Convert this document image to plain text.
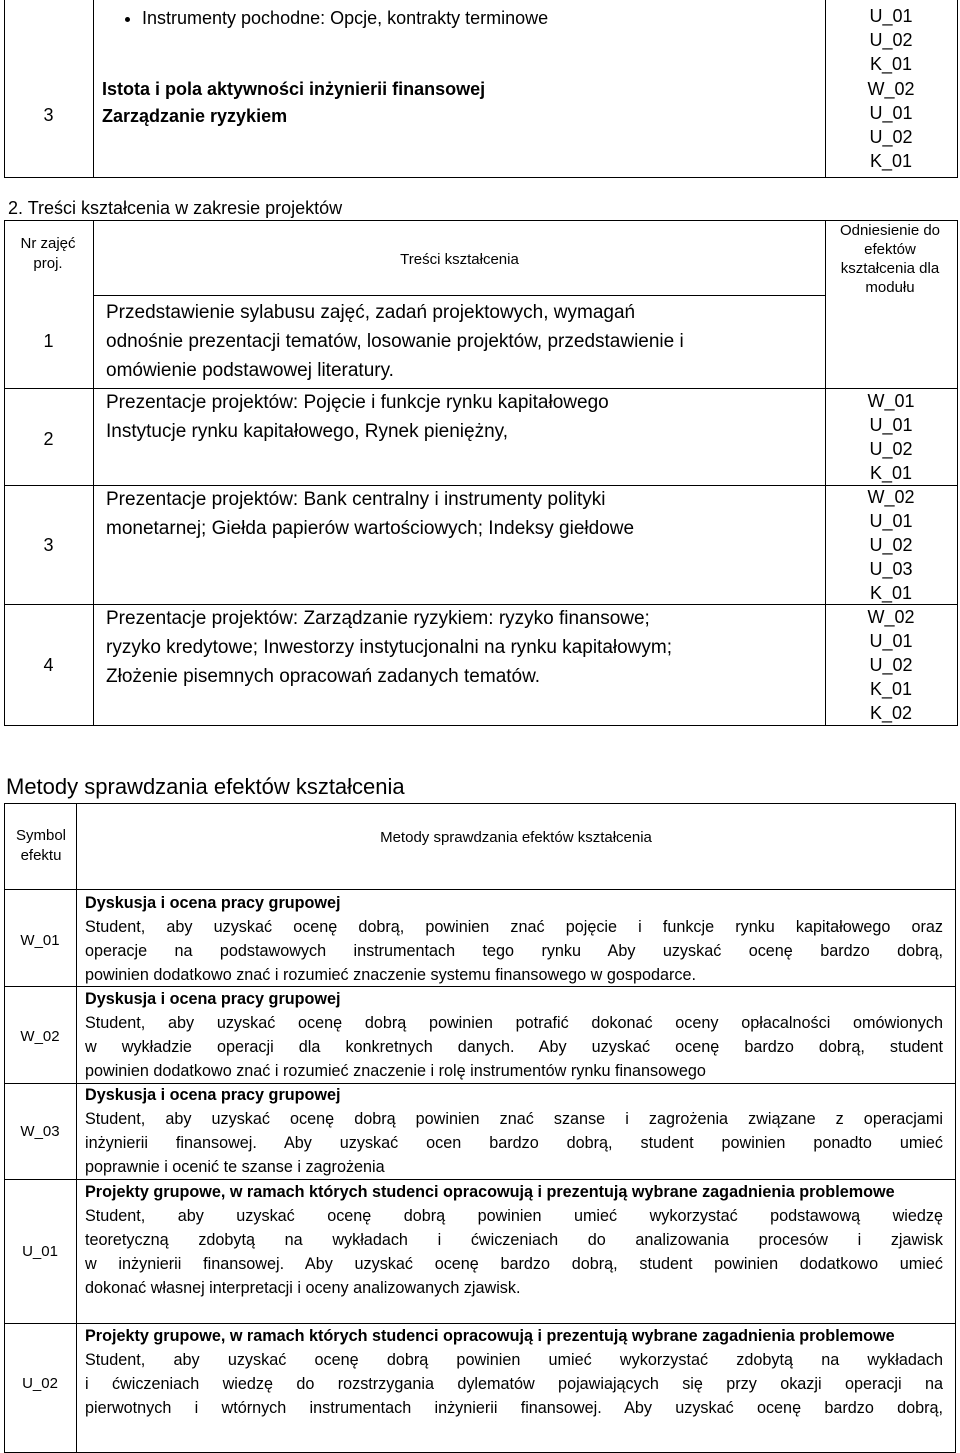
• Instrumenty pochodne: Opcje, kontrakty terminowe	U_01
U_02
K_01
3
Istota i pola aktywności inżynierii finansowej
Zarządzanie ryzykiem
W_02
U_01
U_02
K_01
2. Treści kształcenia w zakresie projektów
Nr zajęć proj.	Treści kształcenia
Odniesienie do efektów kształcenia dla modułu
1
Przedstawienie sylabusu zajęć, zadań projektowych, wymagań
odnośnie prezentacji tematów, losowanie projektów, przedstawienie i
omówienie podstawowej literatury.
2
Prezentacje projektów: Pojęcie i funkcje rynku kapitałowego
Instytucje rynku kapitałowego, Rynek pieniężny,
W_01
U_01
U_02
K_01
3
Prezentacje projektów: Bank centralny i instrumenty polityki
monetarnej; Giełda papierów wartościowych; Indeksy giełdowe
W_02
U_01
U_02
U_03
K_01
4
Prezentacje projektów: Zarządzanie ryzykiem: ryzyko finansowe;
ryzyko kredytowe; Inwestorzy instytucjonalni na rynku kapitałowym;
Złożenie pisemnych opracowań zadanych tematów.
W_02
U_01
U_02
K_01
K_02
Metody sprawdzania efektów kształcenia
Symbol efektu
Metody sprawdzania efektów kształcenia
W_01
Dyskusja i ocena pracy grupowej
Student, aby uzyskać ocenę dobrą, powinien znać pojęcie i funkcje rynku kapitałowego oraz
operacje na podstawowych instrumentach tego rynku Aby uzyskać ocenę bardzo dobrą,
powinien dodatkowo znać i rozumieć znaczenie systemu finansowego w gospodarce.
W_02
Dyskusja i ocena pracy grupowej
Student, aby uzyskać ocenę dobrą powinien potrafić dokonać oceny opłacalności omówionych
w wykładzie operacji dla konkretnych danych. Aby uzyskać ocenę bardzo dobrą, student
powinien dodatkowo znać i rozumieć znaczenie i rolę instrumentów rynku finansowego
W_03
Dyskusja i ocena pracy grupowej
Student, aby uzyskać ocenę dobrą powinien znać szanse i zagrożenia związane z operacjami
inżynierii finansowej. Aby uzyskać ocen bardzo dobrą, student powinien ponadto umieć
poprawnie i ocenić te szanse i zagrożenia
U_01
Projekty grupowe, w ramach których studenci opracowują i prezentują wybrane zagadnienia problemowe
Student, aby uzyskać ocenę dobrą powinien umieć wykorzystać podstawową wiedzę
teoretyczną zdobytą na wykładach i ćwiczeniach do analizowania procesów i zjawisk
w inżynierii finansowej. Aby uzyskać ocenę bardzo dobrą, student powinien dodatkowo umieć
dokonać własnej interpretacji i oceny analizowanych zjawisk.
U_02
Projekty grupowe, w ramach których studenci opracowują i prezentują wybrane zagadnienia problemowe
Student, aby uzyskać ocenę dobrą powinien umieć wykorzystać zdobytą na wykładach
i ćwiczeniach wiedzę do rozstrzygania dylematów pojawiających się przy okazji operacji na
pierwotnych i wtórnych instrumentach inżynierii finansowej. Aby uzyskać ocenę bardzo dobrą,
